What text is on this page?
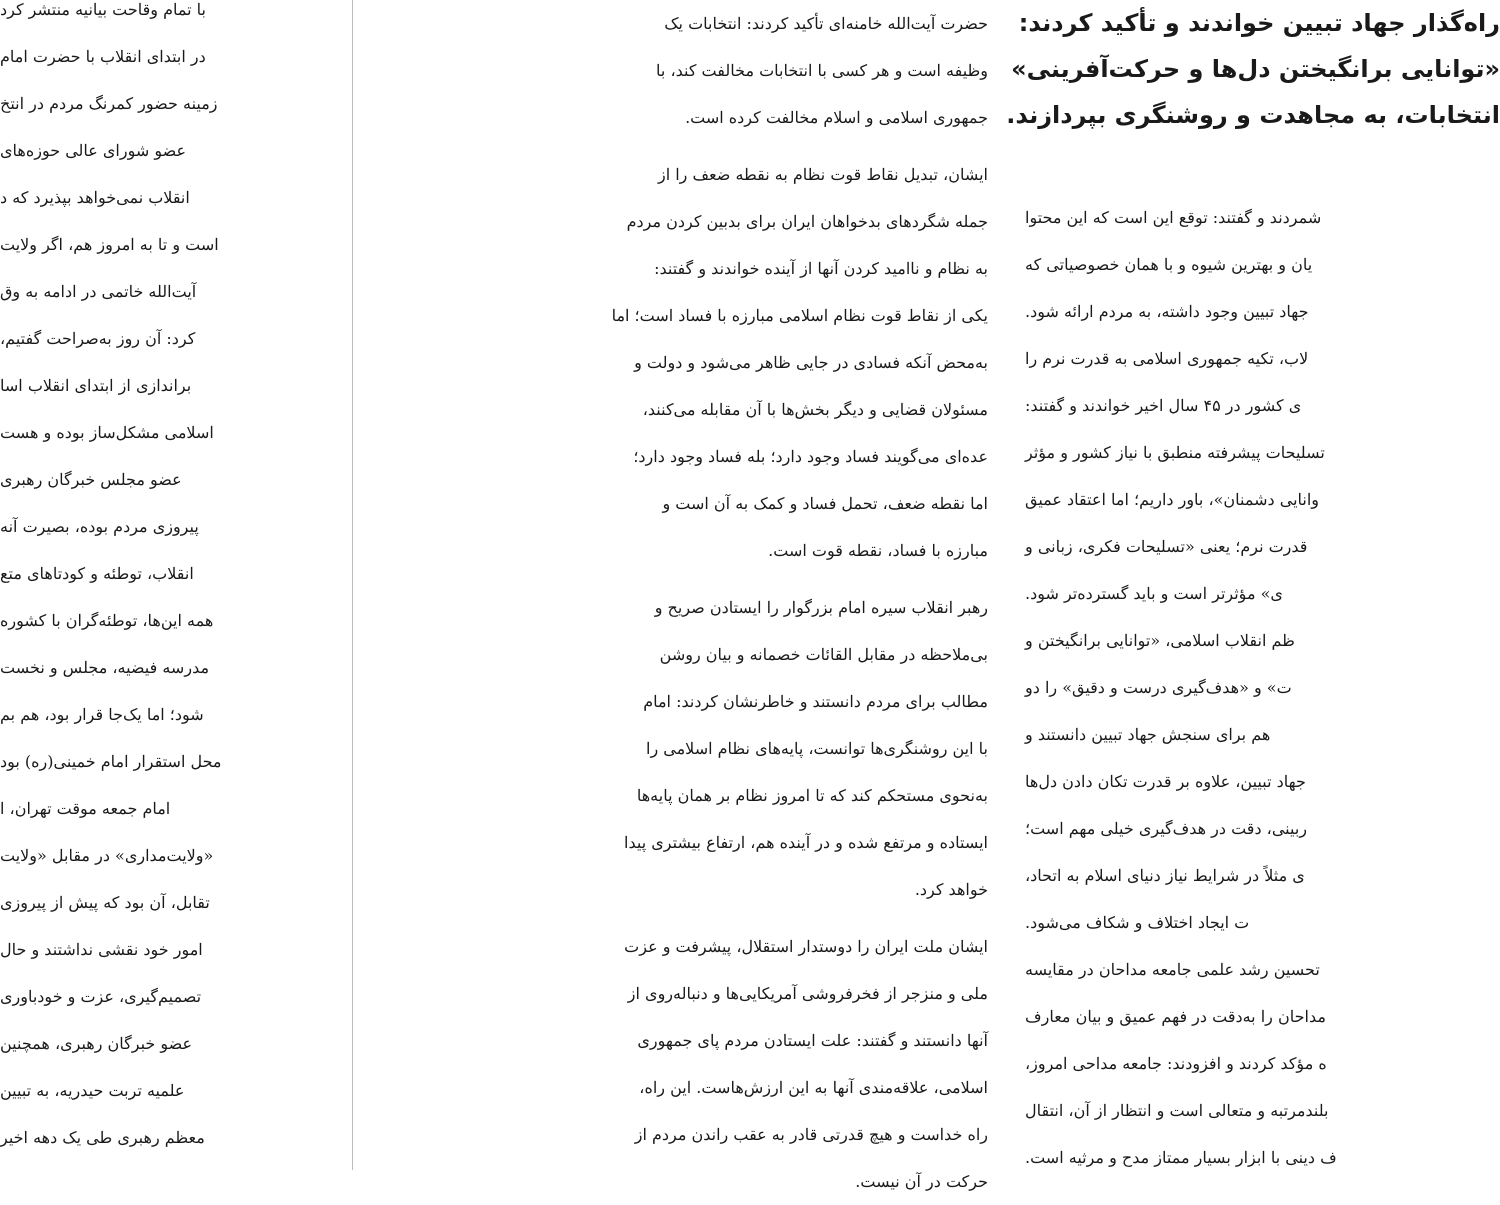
با تمام وقاحت بیانیه منتشر کرد
در ابتدای انقلاب با حضرت امام
زمینه حضور کمرنگ مردم در انتخ
عضو شورای عالی حوزه‌های
انقلاب نمی‌خواهد بپذیرد که د
است و تا به امروز هم، اگر ولایت
آیت‌الله خاتمی در ادامه به وق
کرد: آن روز به‌صراحت گفتیم،
براندازی از ابتدای انقلاب اسا
اسلامی مشکل‌ساز بوده و هست
عضو مجلس خبرگان رهبری
پیروزی مردم بوده، بصیرت آنه
انقلاب، توطئه و کودتاهای متع
همه این‌ها، توطئه‌گران با کشوره
مدرسه فیضیه، مجلس و نخست
شود؛ اما یک‌جا قرار بود، هم بم
محل استقرار امام خمینی(ره) بود
امام جمعه موقت تهران، ا
«ولایت‌مداری» در مقابل «ولایت
تقابل، آن بود که پیش از پیروزی
امور خود نقشی نداشتند و حال
تصمیم‌گیری، عزت و خودباوری
عضو خبرگان رهبری، همچنین
علمیه تربت حیدریه، به تبیین
معظم رهبری طی یک دهه اخیر
حضرت آیت‌الله خامنه‌ای تأکید کردند: انتخابات یک
وظیفه است و هر کسی با انتخابات مخالفت کند، با
جمهوری اسلامی و اسلام مخالفت کرده است.
ایشان، تبدیل نقاط قوت نظام به نقطه ضعف را از
جمله شگردهای بدخواهان ایران برای بدبین کردن مردم
به نظام و ناامید کردن آنها از آینده خواندند و گفتند:
یکی از نقاط قوت نظام اسلامی مبارزه با فساد است؛ اما
به‌محض آنکه فسادی در جایی ظاهر می‌شود و دولت و
مسئولان قضایی و دیگر بخش‌ها با آن مقابله می‌کنند،
عده‌ای می‌گویند فساد وجود دارد؛ بله فساد وجود دارد؛
اما نقطه ضعف، تحمل فساد و کمک به آن است و
مبارزه با فساد، نقطه قوت است.
رهبر انقلاب سیره امام بزرگوار را ایستادن صریح و
بی‌ملاحظه در مقابل القائات خصمانه و بیان روشن
مطالب برای مردم دانستند و خاطرنشان کردند: امام
با این روشنگری‌ها توانست، پایه‌های نظام اسلامی را
به‌نحوی مستحکم کند که تا امروز نظام بر همان پایه‌ها
ایستاده و مرتفع شده و در آینده هم، ارتفاع بیشتری پیدا
خواهد کرد.
ایشان ملت ایران را دوستدار استقلال، پیشرفت و عزت
ملی و منزجر از فخرفروشی آمریکایی‌ها و دنباله‌روی از
آنها دانستند و گفتند: علت ایستادن مردم پای جمهوری
اسلامی، علاقه‌مندی آنها به این ارزش‌هاست. این راه،
راه خداست و هیچ قدرتی قادر به عقب راندن مردم از
حرکت در آن نیست.
راه‌گذار جهاد تبیین خواندند و تأکید کردند:
«توانایی برانگیختن دل‌ها و حرکت‌آفرینی»
انتخابات، به مجاهدت و روشنگری بپردازند.
شمردند و گفتند: توقع این است که این محتوا
یان و بهترین شیوه و با همان خصوصیاتی که
جهاد تبیین وجود داشته، به مردم ارائه شود.
لاب، تکیه جمهوری اسلامی به قدرت نرم را
ی کشور در ۴۵ سال اخیر خواندند و گفتند:
تسلیحات پیشرفته منطبق با نیاز کشور و مؤثر
وانایی دشمنان»، باور داریم؛ اما اعتقاد عمیق
قدرت نرم؛ یعنی «تسلیحات فکری، زبانی و
ی» مؤثرتر است و باید گسترده‌تر شود.
ظم انقلاب اسلامی، «توانایی برانگیختن و
ت» و «هدف‌گیری درست و دقیق» را دو
هم برای سنجش جهاد تبیین دانستند و
جهاد تبیین، علاوه بر قدرت تکان دادن دل‌ها
ربینی، دقت در هدف‌گیری خیلی مهم است؛
ی مثلاً در شرایط نیاز دنیای اسلام به اتحاد،
ت ایجاد اختلاف و شکاف می‌شود.
تحسین رشد علمی جامعه مداحان در مقایسه
مداحان را به‌دقت در فهم عمیق و بیان معارف
ه مؤکد کردند و افزودند: جامعه مداحی امروز،
بلندمرتبه و متعالی است و انتظار از آن، انتقال
ف دینی با ابزار بسیار ممتاز مدح و مرثیه است.
